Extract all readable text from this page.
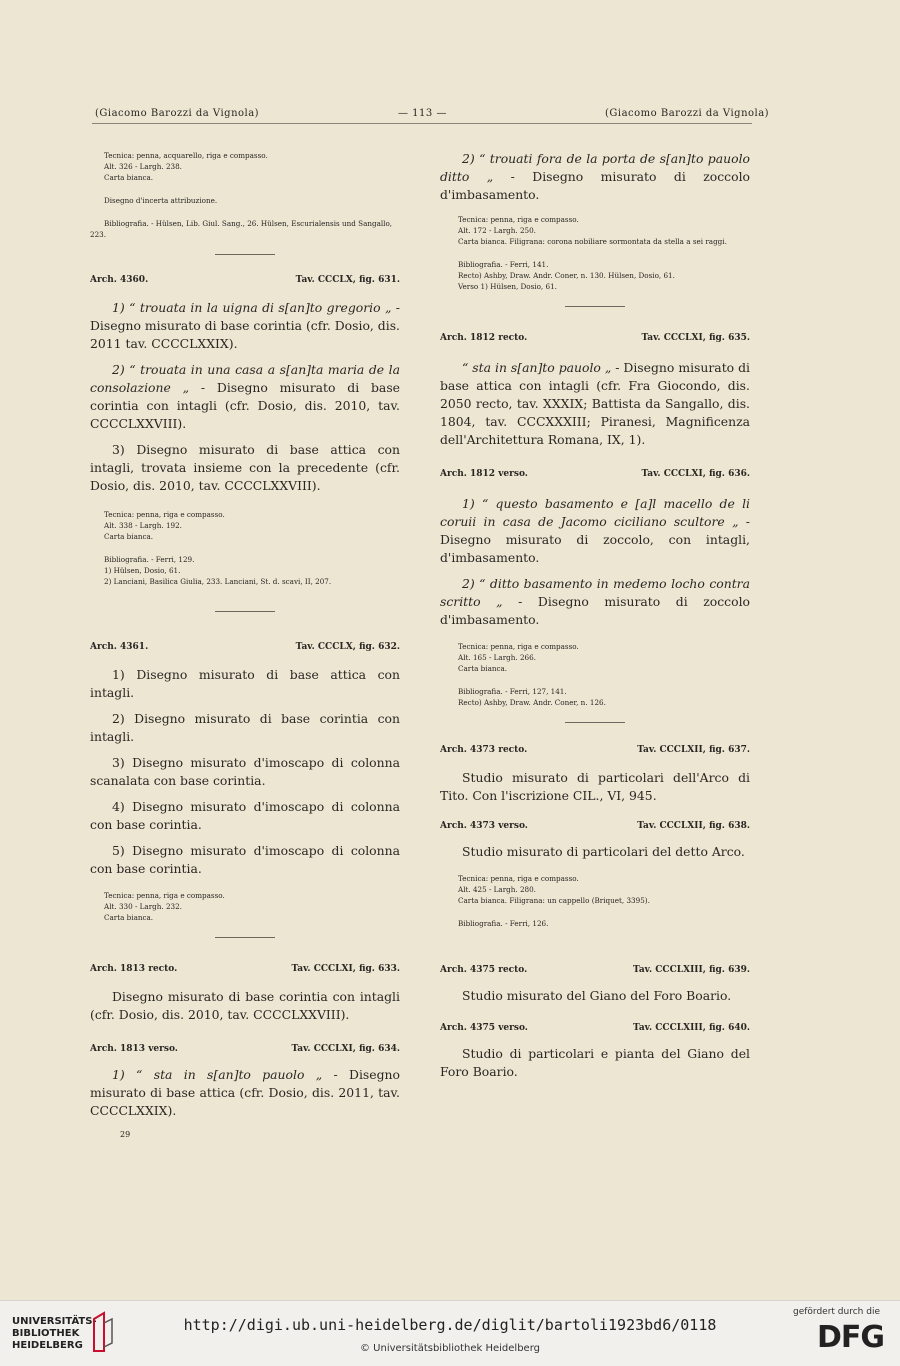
(Giacomo Barozzi da Vignola)	— 113 —	(Giacomo Barozzi da Vignola)

Tecnica: penna, acquarello, riga e compasso.

Alt. 326 - Largh. 238.

Carta bianca.

Disegno d'incerta attribuzione.

Bibliografia. - Hülsen, Lib. Giul. Sang., 26. Hülsen, Escurialensis und Sangallo, 223.

Arch. 4360.	Tav. CCCLX, fig. 631.

1) “ trouata in la uigna di s[an]to gregorio „ - Disegno misurato di base corintia (cfr. Dosio, dis. 2011 tav. CCCCLXXIX).

2) “ trouata in una casa a s[an]ta maria de la consolazione „ - Disegno misurato di base corintia con intagli (cfr. Dosio, dis. 2010, tav. CCCCLXXVIII).

3) Disegno misurato di base attica con intagli, trovata insieme con la precedente (cfr. Dosio, dis. 2010, tav. CCCCLXXVIII).

Tecnica: penna, riga e compasso.

Alt. 338 - Largh. 192.

Carta bianca.

Bibliografia. - Ferri, 129.

1) Hülsen, Dosio, 61.

2) Lanciani, Basilica Giulia, 233. Lanciani, St. d. scavi, II, 207.

Arch. 4361.	Tav. CCCLX, fig. 632.

1) Disegno misurato di base attica con intagli.

2) Disegno misurato di base corintia con intagli.

3) Disegno misurato d'imoscapo di colonna scanalata con base corintia.

4) Disegno misurato d'imoscapo di colonna con base corintia.

5) Disegno misurato d'imoscapo di colonna con base corintia.

Tecnica: penna, riga e compasso.

Alt. 330 - Largh. 232.

Carta bianca.

Arch. 1813 recto.	Tav. CCCLXI, fig. 633.

Disegno misurato di base corintia con intagli (cfr. Dosio, dis. 2010, tav. CCCCLXXVIII).

Arch. 1813 verso.	Tav. CCCLXI, fig. 634.

1) “ sta in s[an]to pauolo „ - Disegno misurato di base attica (cfr. Dosio, dis. 2011, tav. CCCCLXXIX).

29

2) “ trouati fora de la porta de s[an]to pauolo ditto „ - Disegno misurato di zoccolo d'imbasamento.

Tecnica: penna, riga e compasso.

Alt. 172 - Largh. 250.

Carta bianca. Filigrana: corona nobiliare sormontata da stella a sei raggi.

Bibliografia. - Ferri, 141.

Recto) Ashby, Draw. Andr. Coner, n. 130. Hülsen, Dosio, 61.

Verso 1) Hülsen, Dosio, 61.

Arch. 1812 recto.	Tav. CCCLXI, fig. 635.

“ sta in s[an]to pauolo „ - Disegno misurato di base attica con intagli (cfr. Fra Giocondo, dis. 2050 recto, tav. XXXIX; Battista da Sangallo, dis. 1804, tav. CCCXXXIII; Piranesi, Magnificenza dell'Architettura Romana, IX, 1).

Arch. 1812 verso.	Tav. CCCLXI, fig. 636.

1) “ questo basamento e [a]l macello de li coruii in casa de Jacomo ciciliano scultore „ - Disegno misurato di zoccolo, con intagli, d'imbasamento.

2) “ ditto basamento in medemo locho contra scritto „ - Disegno misurato di zoccolo d'imbasamento.

Tecnica: penna, riga e compasso.

Alt. 165 - Largh. 266.

Carta bianca.

Bibliografia. - Ferri, 127, 141.

Recto) Ashby, Draw. Andr. Coner, n. 126.

Arch. 4373 recto.	Tav. CCCLXII, fig. 637.

Studio misurato di particolari dell'Arco di Tito. Con l'iscrizione CIL., VI, 945.

Arch. 4373 verso.	Tav. CCCLXII, fig. 638.

Studio misurato di particolari del detto Arco.

Tecnica: penna, riga e compasso.

Alt. 425 - Largh. 280.

Carta bianca. Filigrana: un cappello (Briquet, 3395).

Bibliografia. - Ferri, 126.

Arch. 4375 recto.	Tav. CCCLXIII, fig. 639.

Studio misurato del Giano del Foro Boario.

Arch. 4375 verso.	Tav. CCCLXIII, fig. 640.

Studio di particolari e pianta del Giano del Foro Boario.

UNIVERSITÄTS-
BIBLIOTHEK
HEIDELBERG
http://digi.ub.uni-heidelberg.de/diglit/bartoli1923bd6/0118
© Universitätsbibliothek Heidelberg
gefördert durch die
DFG
